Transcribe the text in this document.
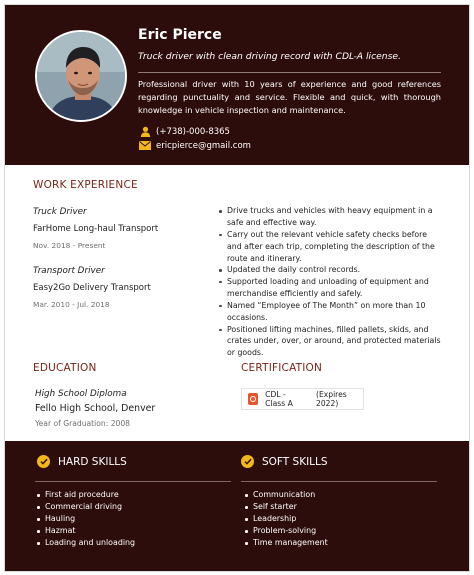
Eric Pierce
Truck driver with clean driving record with CDL-A license.
Professional driver with 10 years of experience and good references regarding punctuality and service. Flexible and quick, with thorough knowledge in vehicle inspection and maintenance.
(+738)-000-8365
ericpierce@gmail.com
WORK EXPERIENCE
Truck Driver
FarHome Long-haul Transport
Nov. 2018 - Present
Drive trucks and vehicles with heavy equipment in a safe and effective way.
Carry out the relevant vehicle safety checks before and after each trip, completing the description of the route and itinerary.
Transport Driver
Easy2Go Delivery Transport
Mar. 2010 - Jul. 2018
Updated the daily control records.
Supported loading and unloading of equipment and merchandise efficiently and safely.
Named “Employee of The Month” on more than 10 occasions.
Positioned lifting machines, filled pallets, skids, and crates under, over, or around, and protected materials or goods.
EDUCATION
High School Diploma
Fello High School, Denver
Year of Graduation: 2008
CERTIFICATION
CDL - Class A
(Expires 2022)
HARD SKILLS
First aid procedure
Commercial driving
Hauling
Hazmat
Loading and unloading
SOFT SKILLS
Communication
Self starter
Leadership
Problem-solving
Time management
